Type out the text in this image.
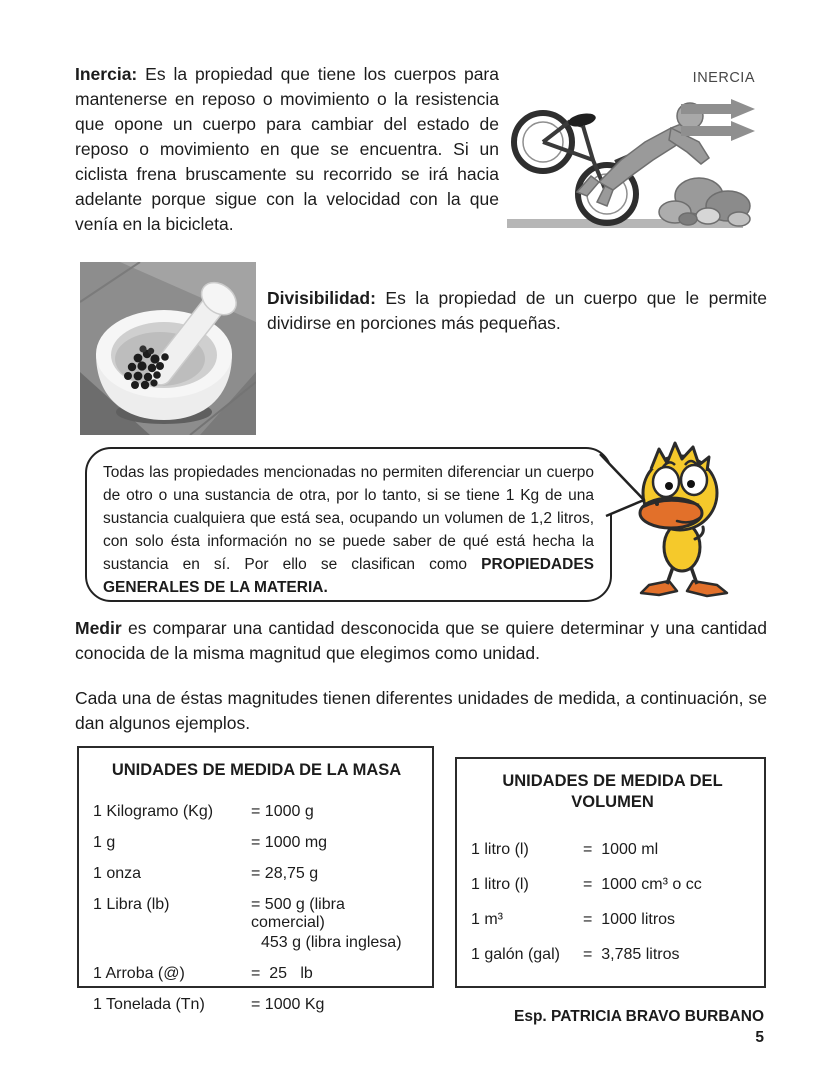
Inercia: Es la propiedad que tiene los cuerpos para mantenerse en reposo o movimiento o la resistencia que opone un cuerpo para cambiar del estado de reposo o movimiento en que se encuentra. Si un ciclista frena bruscamente su recorrido se irá hacia adelante porque sigue con la velocidad con la que venía en la bicicleta.

INERCIA

Divisibilidad: Es la propiedad de un cuerpo que le permite dividirse en porciones más pequeñas.

Todas las propiedades mencionadas no permiten diferenciar un cuerpo de otro o una sustancia de otra, por lo tanto, si se tiene 1 Kg de una sustancia cualquiera que está sea, ocupando un volumen de 1,2 litros, con solo ésta información no se puede saber de qué está hecha la sustancia en sí. Por ello se clasifican como PROPIEDADES GENERALES DE LA MATERIA.

Medir es comparar una cantidad desconocida que se quiere determinar y una cantidad conocida de la misma magnitud que elegimos como unidad.

Cada una de éstas magnitudes tienen diferentes unidades de medida, a continuación, se dan algunos ejemplos.

UNIDADES DE MEDIDA DE LA MASA
1 Kilogramo (Kg)	= 1000 g
1 g	= 1000 mg
1 onza	= 28,75 g
1 Libra (lb)	= 500 g (libra comercial)
453 g (libra inglesa)
1 Arroba (@)	=  25   lb
1 Tonelada (Tn)	= 1000 Kg
UNIDADES DE MEDIDA DEL VOLUMEN
1 litro (l)	=  1000 ml
1 litro (l)	=  1000 cm³ o cc
1 m³	=  1000 litros
1 galón (gal)	=  3,785 litros
Esp. PATRICIA BRAVO BURBANO
5
